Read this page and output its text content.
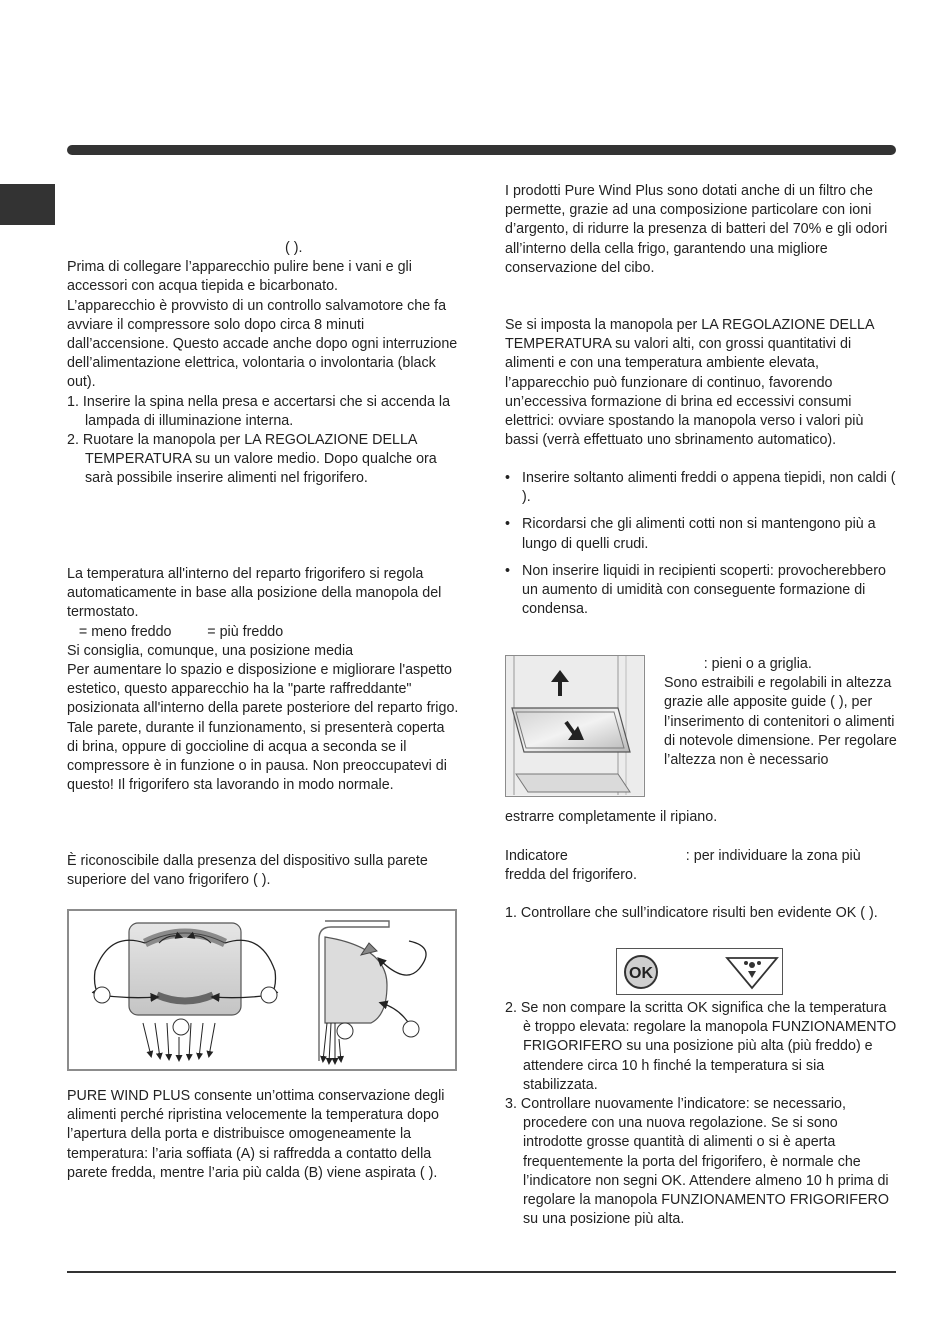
( ).

Prima di collegare l’apparecchio pulire bene i vani e gli accessori con acqua tiepida e bicarbonato.

L’apparecchio è provvisto di un controllo salvamotore che fa avviare il compressore solo dopo circa 8 minuti dall’accensione. Questo accade anche dopo ogni interruzione dell’alimentazione elettrica, volontaria o involontaria (black out).

1. Inserire la spina nella presa e accertarsi che si accenda la lampada di illuminazione interna.

2. Ruotare la manopola per LA REGOLAZIONE DELLA TEMPERATURA su un valore medio. Dopo qualche ora sarà possibile inserire alimenti nel frigorifero.

La temperatura all'interno del reparto frigorifero si regola automaticamente in base alla posizione della manopola del termostato.

= meno freddo         = più freddo

Si consiglia, comunque, una posizione media

Per aumentare lo spazio e disposizione e migliorare l'aspetto estetico, questo apparecchio ha la "parte raffreddante" posizionata all'interno della parete posteriore del reparto frigo. Tale parete, durante il funzionamento, si presenterà coperta di brina, oppure di goccioline di acqua a seconda se il compressore è in funzione o in pausa. Non preoccupatevi di questo! Il frigorifero sta lavorando in modo normale.

È riconoscibile dalla presenza del dispositivo sulla parete superiore del vano frigorifero ( ).

PURE WIND PLUS consente un’ottima conservazione degli alimenti perché ripristina velocemente la temperatura dopo l’apertura della porta e distribuisce omogeneamente la temperatura: l’aria soffiata (A) si raffredda a contatto della parete fredda, mentre l’aria più calda (B) viene aspirata ( ).

I prodotti Pure Wind Plus sono dotati anche di un filtro che permette, grazie ad una composizione particolare con ioni d’argento, di ridurre la presenza di batteri del 70% e gli odori all’interno della cella frigo, garantendo una migliore conservazione del cibo.

Se si imposta la manopola per LA REGOLAZIONE DELLA TEMPERATURA su valori alti, con grossi quantitativi di alimenti e con una temperatura ambiente elevata, l’apparecchio può funzionare di continuo, favorendo un’eccessiva formazione di brina ed eccessivi consumi elettrici: ovviare spostando la manopola verso i valori più bassi (verrà effettuato uno sbrinamento automatico).

• Inserire soltanto alimenti freddi o appena tiepidi, non caldi ( ).
• Ricordarsi che gli alimenti cotti non si mantengono più a lungo di quelli crudi.
• Non inserire liquidi in recipienti scoperti: provocherebbero un aumento di umidità con conseguente formazione di condensa.

: pieni o a griglia.

Sono estraibili e regolabili in altezza grazie alle apposite guide ( ), per l’inserimento di contenitori o alimenti di notevole dimensione. Per regolare l’altezza non è necessario

estrarre completamente il ripiano.

Indicatore	: per individuare la zona più fredda del frigorifero.

1. Controllare che sull’indicatore risulti ben evidente OK ( ).

OK

2. Se non compare la scritta OK significa che la temperatura è troppo elevata: regolare la manopola FUNZIONAMENTO FRIGORIFERO su una posizione più alta (più freddo) e attendere circa 10 h finché la temperatura si sia stabilizzata.

3. Controllare nuovamente l’indicatore: se necessario, procedere con una nuova regolazione. Se si sono introdotte grosse quantità di alimenti o si è aperta frequentemente la porta del frigorifero, è normale che l’indicatore non segni OK. Attendere almeno 10 h prima di regolare la manopola FUNZIONAMENTO FRIGORIFERO su una posizione più alta.
